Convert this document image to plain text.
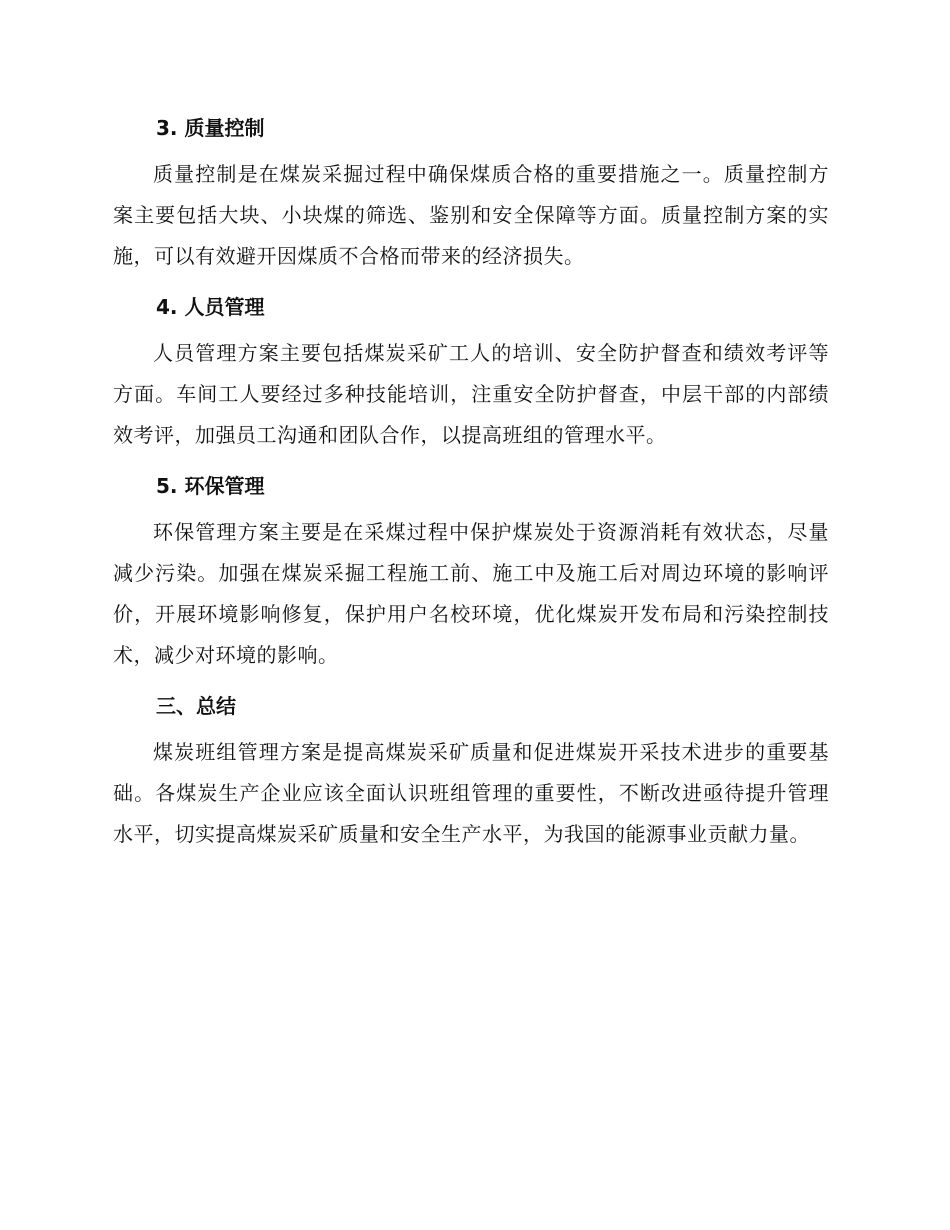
3. 质量控制

质量控制是在煤炭采掘过程中确保煤质合格的重要措施之一。质量控制方案主要包括大块、小块煤的筛选、鉴别和安全保障等方面。质量控制方案的实施，可以有效避开因煤质不合格而带来的经济损失。

4. 人员管理

人员管理方案主要包括煤炭采矿工人的培训、安全防护督查和绩效考评等方面。车间工人要经过多种技能培训，注重安全防护督查，中层干部的内部绩效考评，加强员工沟通和团队合作，以提高班组的管理水平。

5. 环保管理

环保管理方案主要是在采煤过程中保护煤炭处于资源消耗有效状态，尽量减少污染。加强在煤炭采掘工程施工前、施工中及施工后对周边环境的影响评价，开展环境影响修复，保护用户名校环境，优化煤炭开发布局和污染控制技术，减少对环境的影响。

三、总结

煤炭班组管理方案是提高煤炭采矿质量和促进煤炭开采技术进步的重要基础。各煤炭生产企业应该全面认识班组管理的重要性，不断改进亟待提升管理水平，切实提高煤炭采矿质量和安全生产水平，为我国的能源事业贡献力量。
